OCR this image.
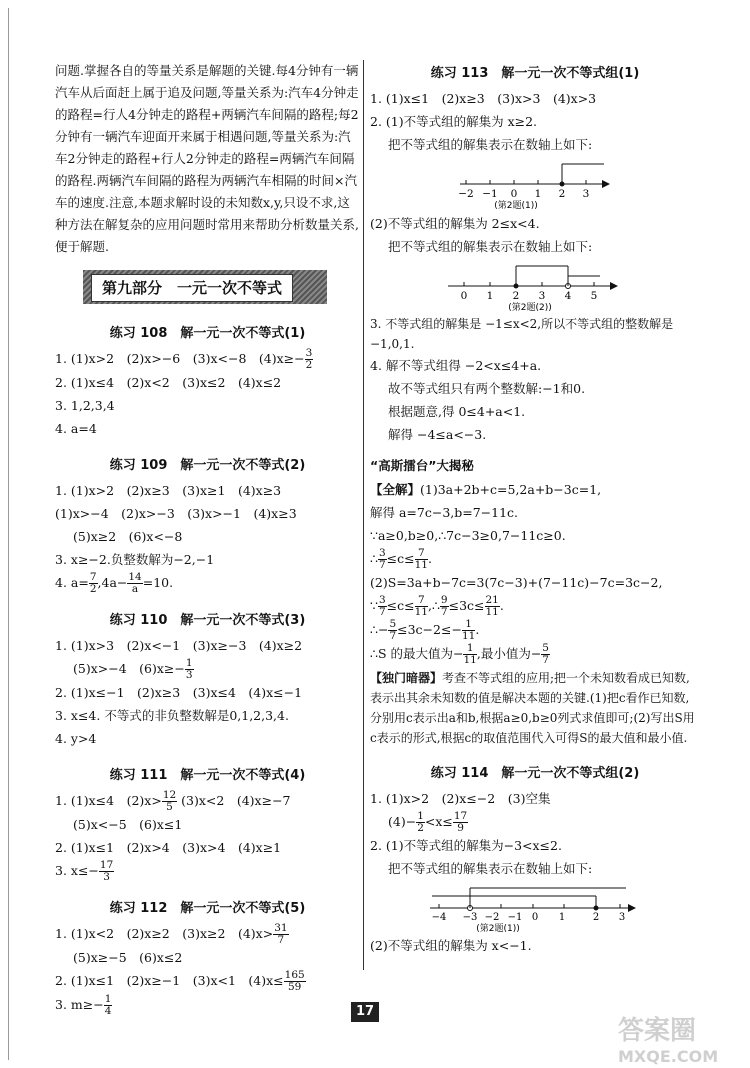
问题.掌握各自的等量关系是解题的关键.每4分钟有一辆汽车从后面赶上属于追及问题,等量关系为:汽车4分钟走的路程=行人4分钟走的路程+两辆汽车间隔的路程;每2分钟有一辆汽车迎面开来属于相遇问题,等量关系为:汽车2分钟走的路程+行人2分钟走的路程=两辆汽车间隔的路程.两辆汽车间隔的路程为两辆汽车相隔的时间×汽车的速度.注意,本题求解时设的未知数x,y,只设不求,这种方法在解复杂的应用问题时常用来帮助分析数量关系,便于解题.

第九部分　一元一次不等式
练习 108　解一元一次不等式(1)
1. (1)x>2　(2)x>−6　(3)x<−8　$(4)x\ge- \frac{3}{2}$
2. (1)x≤4　(2)x<2　(3)x≤2　(4)x≤2
3. 1,2,3,4
4. a=4
练习 109　解一元一次不等式(2)
1. (1)x>2　(2)x≥3　(3)x≥1　(4)x≥3
(1)x>−4　(2)x>−3　(3)x>−1　(4)x≥3
(5)x≥2　(6)x<−8
3. x≥−2.负整数解为−2,−1
4. $a= \frac{7}{2} ,4a- \frac{14}{a} =10$.
练习 110　解一元一次不等式(3)
1. (1)x>3　(2)x<−1　(3)x≥−3　(4)x≥2
(5)x>−4　$(6)x\ge- \frac{1}{3}$
2. (1)x≤−1　(2)x≥3　(3)x≤4　(4)x≤−1
3. x≤4. 不等式的非负整数解是0,1,2,3,4.
4. y>4
练习 111　解一元一次不等式(4)
1. (1)x≤4　$(2)x> \frac{12}{5} (3)x<2$　(4)x≥−7
(5)x<−5　(6)x≤1
2. (1)x≤1　(2)x>4　(3)x>4　(4)x≥1
3. $x\le- \frac{17}{3}$
练习 112　解一元一次不等式(5)
1. (1)x<2　(2)x≥2　(3)x≥2　$(4)x> \frac{31}{7}$
(5)x≥−5　(6)x≤2
2. (1)x≤1　(2)x≥−1　(3)x<1　$(4)x\le \frac{165}{59}$
3. $m\ge- \frac{1}{4}$
练习 113　解一元一次不等式组(1)
1. (1)x≤1　(2)x≥3　(3)x>3　(4)x>3
2. (1)不等式组的解集为 x≥2.
把不等式组的解集表示在数轴上如下:
−2 −1 0 1 2 3
(第2题(1))
(2)不等式组的解集为 2≤x<4.
把不等式组的解集表示在数轴上如下:
0 1 2 3 4 5
(第2题(2))
3. 不等式组的解集是 −1≤x<2,所以不等式组的整数解是−1,0,1.
4. 解不等式组得 −2<x≤4+a.
故不等式组只有两个整数解:−1和0.
根据题意,得 0≤4+a<1.
解得 −4≤a<−3.
“高斯擂台”大揭秘
【全解】(1)3a+2b+c=5,2a+b−3c=1,
解得 a=7c−3,b=7−11c.
∵a≥0,b≥0,∴7c−3≥0,7−11c≥0.
∴ $\frac{3}{7} \le c\le \frac{7}{11}$ .
(2)S=3a+b−7c=3(7c−3)+(7−11c)−7c=3c−2,
∵ $\frac{3}{7} \le c\le \frac{7}{11}$ ,∴ $\frac{9}{7} \le 3c\le \frac{21}{11}$ .
∴− $\frac{5}{7} \le 3c-2\le- \frac{1}{11}$ .
∴S 的最大值为− $\frac{1}{11}$ ,最小值为− $\frac{5}{7}$
【独门暗器】考查不等式组的应用;把一个未知数看成已知数,表示出其余未知数的值是解决本题的关键.(1)把c看作已知数,分别用c表示出a和b,根据a≥0,b≥0列式求值即可;(2)写出S用c表示的形式,根据c的取值范围代入可得S的最大值和最小值.
练习 114　解一元一次不等式组(2)
1. (1)x>2　(2)x≤−2　(3)空集
$(4)- \frac{1}{2} <x\le \frac{17}{9}$
2. (1)不等式组的解集为−3<x≤2.
把不等式组的解集表示在数轴上如下:
−4 −3 −2 −1 0 1	2 3
(第2题(1))
(2)不等式组的解集为 x<−1.
17
答案圈
MXQE.COM
